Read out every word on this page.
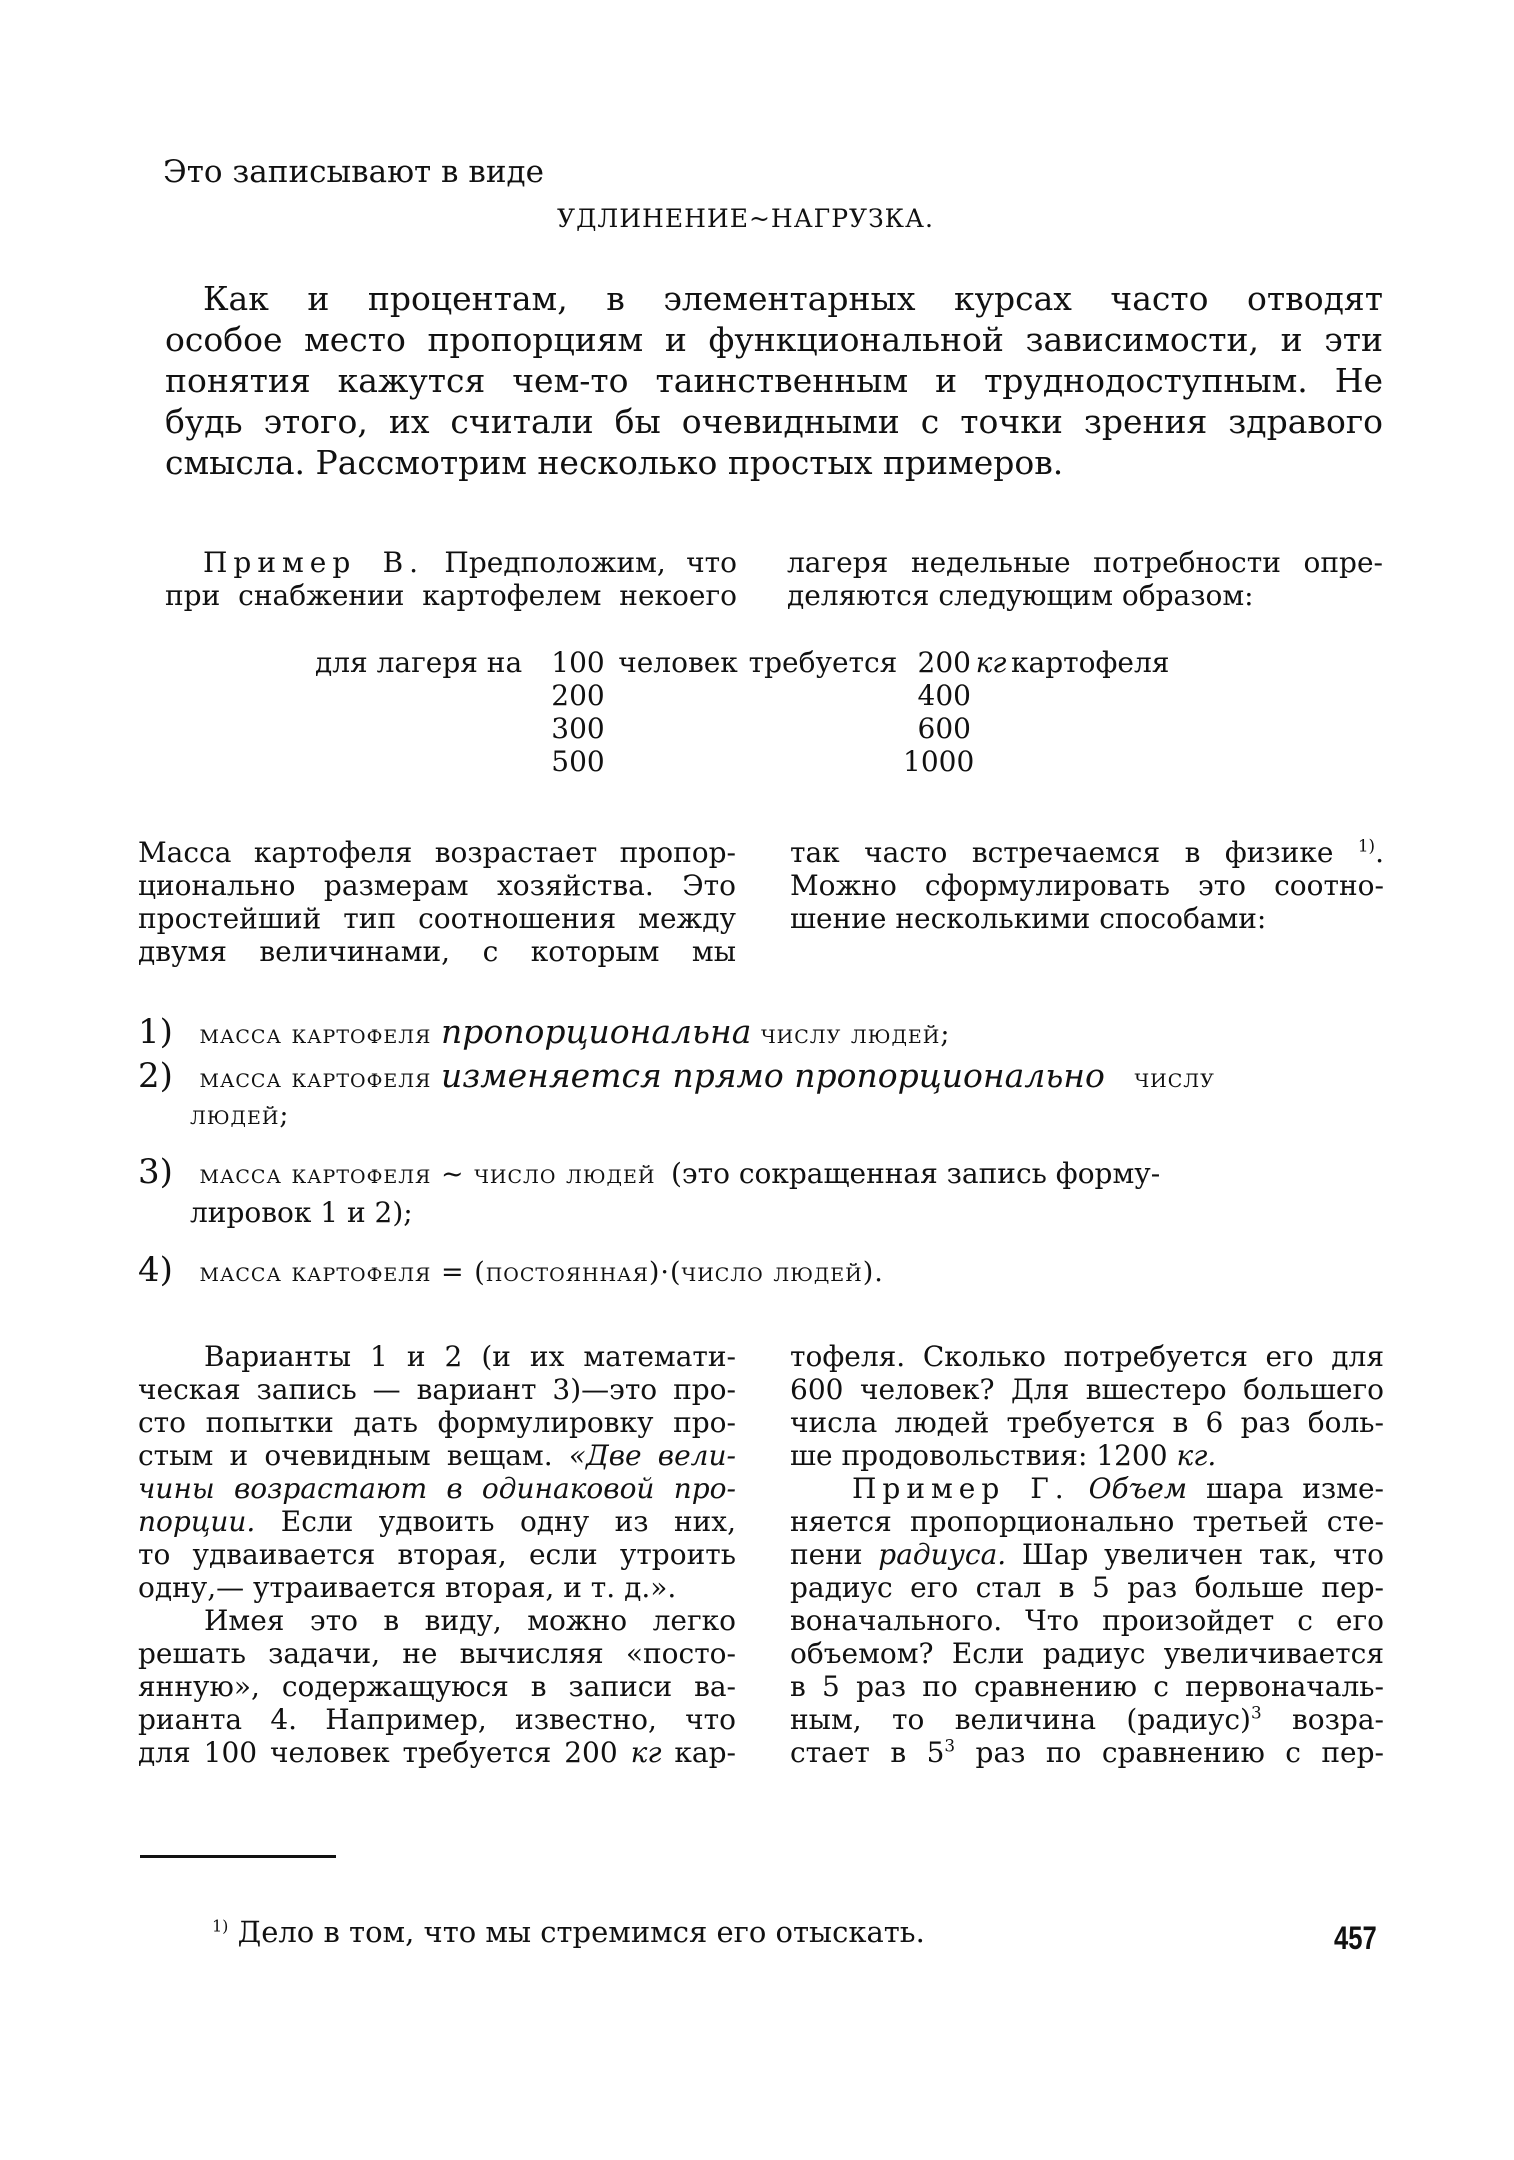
Это записывают в виде
УДЛИНЕНИЕ~НАГРУЗКА.
Как и процентам, в элементарных курсах часто отводят
особое место пропорциям и функциональной зависимости, и эти
понятия кажутся чем-то таинственным и труднодоступным. Не
будь этого, их считали бы очевидными с точки зрения здравого
смысла. Рассмотрим несколько простых примеров.
Пример В. Предположим, что
при снабжении картофелем некоего
лагеря недельные потребности опре-
деляются следующим образом:
для лагеря на	100 человек требуется 200 кг картофеля
200	400
300	600
500	1000
Масса картофеля возрастает пропор-
ционально размерам хозяйства. Это
простейший тип соотношения между
двумя величинами, с которым мы
так часто встречаемся в физике $^{1)}$.
Можно сформулировать это соотно-
шение несколькими способами:
1) масса картофеля пропорциональна числу людей;
2) масса картофеля изменяется прямо пропорционально числу
людей;
3) масса картофеля ~ число людей (это сокращенная запись форму-
лировок 1 и 2);
4) масса картофеля = (постоянная)·(число людей).
Варианты 1 и 2 (и их математи-
ческая запись — вариант 3)—это про-
сто попытки дать формулировку про-
стым и очевидным вещам. «Две вели-
чины возрастают в одинаковой про-
порции. Если удвоить одну из них,
то удваивается вторая, если утроить
одну,— утраивается вторая, и т. д.».
Имея это в виду, можно легко
решать задачи, не вычисляя «посто-
янную», содержащуюся в записи ва-
рианта 4. Например, известно, что
для 100 человек требуется 200 кг кар-
тофеля. Сколько потребуется его для
600 человек? Для вшестеро большего
числа людей требуется в 6 раз боль-
ше продовольствия: 1200 кг.
Пример Г. Объем шара изме-
няется пропорционально третьей сте-
пени радиуса. Шар увеличен так, что
радиус его стал в 5 раз больше пер-
воначального. Что произойдет с его
объемом? Если радиус увеличивается
в 5 раз по сравнению с первоначаль-
ным, то величина (радиус)$^3$ возра-
стает в $5^3$ раз по сравнению с пер-
$^{1)}$ Дело в том, что мы стремимся его отыскать.	457
